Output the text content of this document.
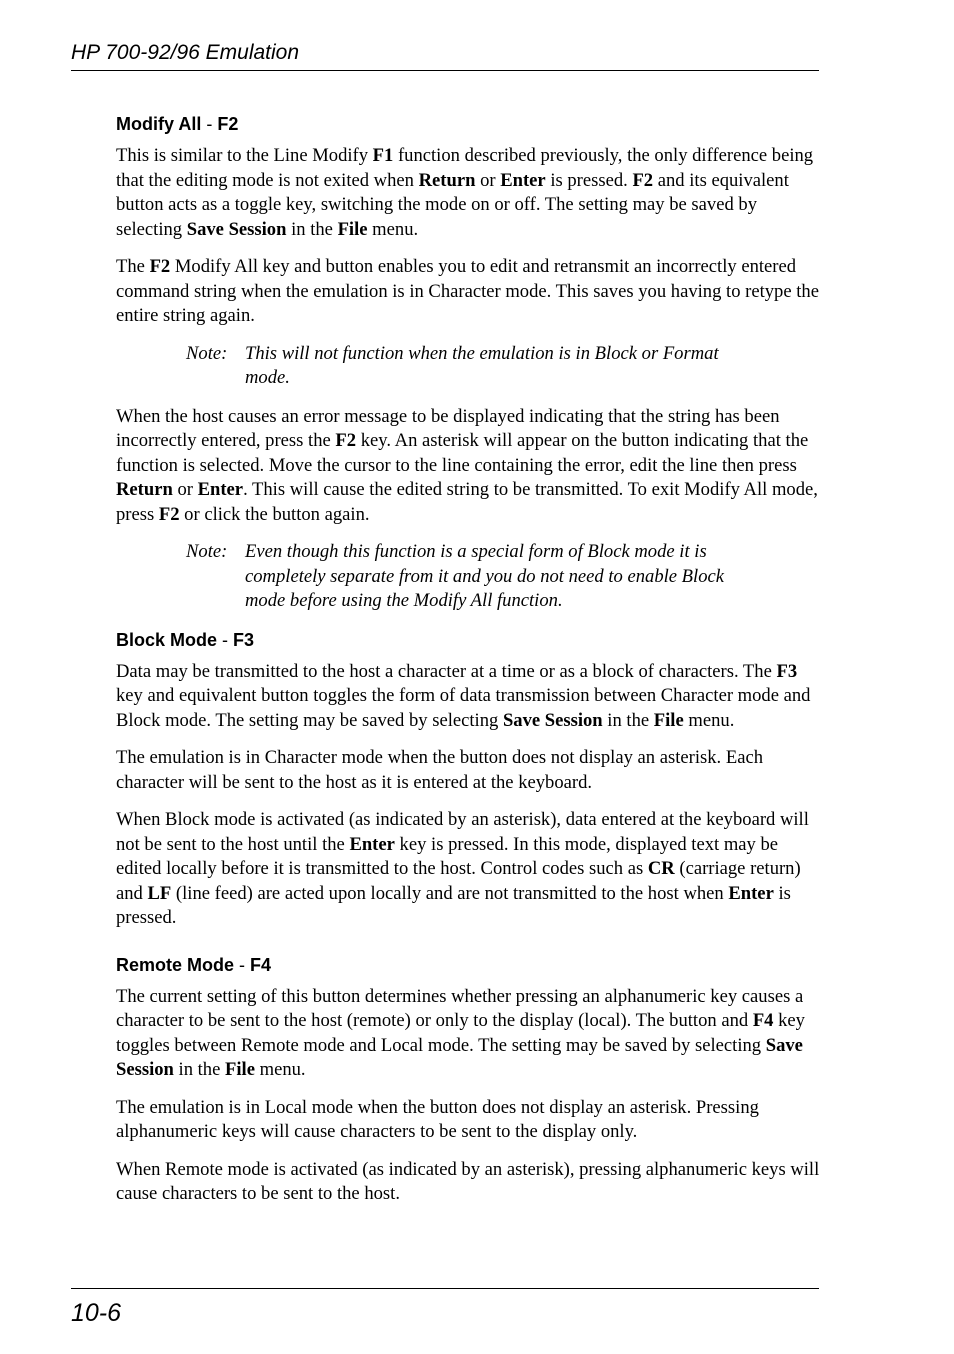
HP 700-92/96 Emulation
Modify All - F2

This is similar to the Line Modify F1 function described previously, the only difference being that the editing mode is not exited when Return or Enter is pressed. F2 and its equivalent button acts as a toggle key, switching the mode on or off. The setting may be saved by selecting Save Session in the File menu.

The F2 Modify All key and button enables you to edit and retransmit an incorrectly entered command string when the emulation is in Character mode. This saves you having to retype the entire string again.

Note: This will not function when the emulation is in Block or Format mode.

When the host causes an error message to be displayed indicating that the string has been incorrectly entered, press the F2 key. An asterisk will appear on the button indicating that the function is selected. Move the cursor to the line containing the error, edit the line then press Return or Enter. This will cause the edited string to be transmitted. To exit Modify All mode, press F2 or click the button again.

Note: Even though this function is a special form of Block mode it is completely separate from it and you do not need to enable Block mode before using the Modify All function.
Block Mode - F3

Data may be transmitted to the host a character at a time or as a block of characters. The F3 key and equivalent button toggles the form of data transmission between Character mode and Block mode. The setting may be saved by selecting Save Session in the File menu.

The emulation is in Character mode when the button does not display an asterisk. Each character will be sent to the host as it is entered at the keyboard.

When Block mode is activated (as indicated by an asterisk), data entered at the keyboard will not be sent to the host until the Enter key is pressed. In this mode, displayed text may be edited locally before it is transmitted to the host. Control codes such as CR (carriage return) and LF (line feed) are acted upon locally and are not transmitted to the host when Enter is pressed.

Remote Mode - F4

The current setting of this button determines whether pressing an alphanumeric key causes a character to be sent to the host (remote) or only to the display (local). The button and F4 key toggles between Remote mode and Local mode. The setting may be saved by selecting Save Session in the File menu.

The emulation is in Local mode when the button does not display an asterisk. Pressing alphanumeric keys will cause characters to be sent to the display only.

When Remote mode is activated (as indicated by an asterisk), pressing alphanumeric keys will cause characters to be sent to the host.

10-6
